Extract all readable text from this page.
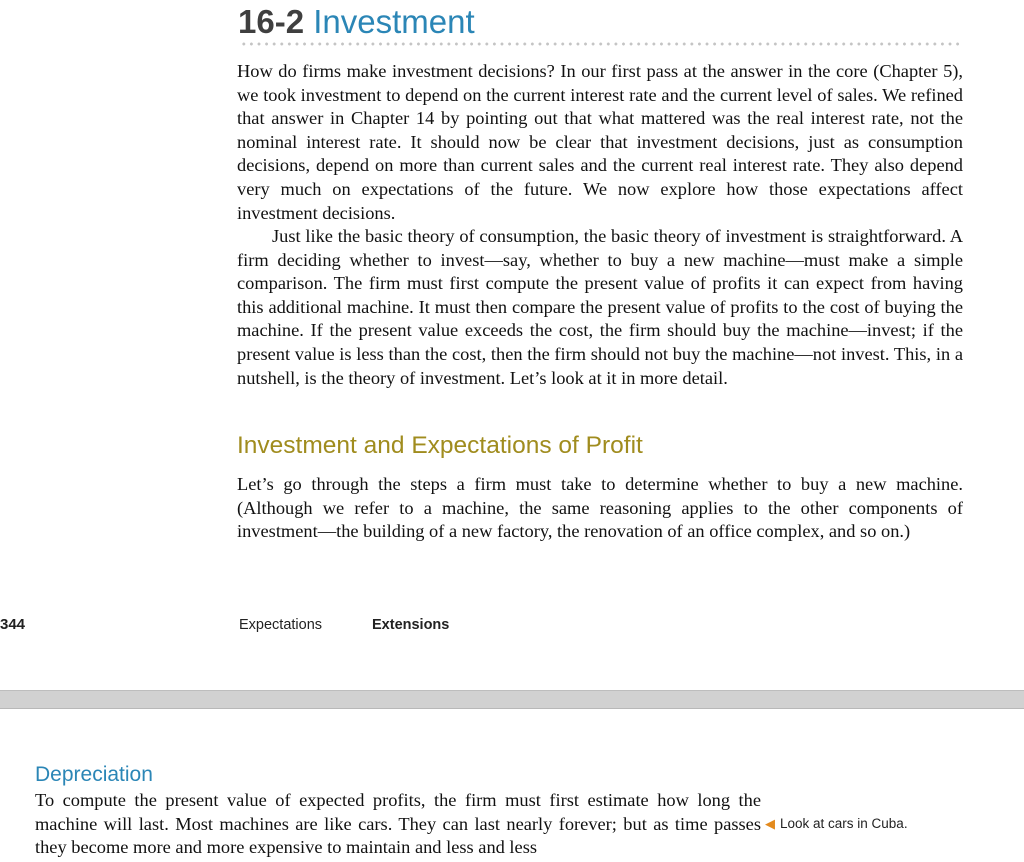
16-2 Investment

How do firms make investment decisions? In our first pass at the answer in the core (Chapter 5), we took investment to depend on the current interest rate and the current level of sales. We refined that answer in Chapter 14 by pointing out that what mattered was the real interest rate, not the nominal interest rate. It should now be clear that investment decisions, just as consumption decisions, depend on more than current sales and the current real interest rate. They also depend very much on expectations of the future. We now explore how those expectations affect investment decisions.

Just like the basic theory of consumption, the basic theory of investment is straightforward. A firm deciding whether to invest—say, whether to buy a new machine—must make a simple comparison. The firm must first compute the present value of profits it can expect from having this additional machine. It must then compare the present value of profits to the cost of buying the machine. If the present value exceeds the cost, the firm should buy the machine—invest; if the present value is less than the cost, then the firm should not buy the machine—not invest. This, in a nutshell, is the theory of investment. Let’s look at it in more detail.

Investment and Expectations of Profit

Let’s go through the steps a firm must take to determine whether to buy a new machine. (Although we refer to a machine, the same reasoning applies to the other components of investment—the building of a new factory, the renovation of an office complex, and so on.)

344	Expectations	Extensions
Depreciation

To compute the present value of expected profits, the firm must first estimate how long the machine will last. Most machines are like cars. They can last nearly forever; but as time passes they become more and more expensive to maintain and less and less

◀ Look at cars in Cuba.
